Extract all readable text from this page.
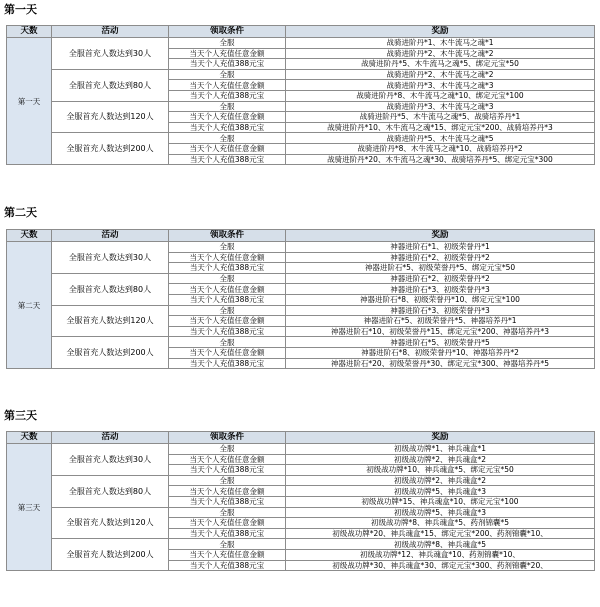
第一天
天数	活动	领取条件	奖励
第一天	全服首充人数达到30人	全服	战骑进阶丹*1、木牛流马之魂*1
		当天个人充值任意金额	战骑进阶丹*2、木牛流马之魂*2
		当天个人充值388元宝	战骑进阶丹*5、木牛流马之魂*5、绑定元宝*50
	全服首充人数达到80人	全服	战骑进阶丹*2、木牛流马之魂*2
		当天个人充值任意金额	战骑进阶丹*3、木牛流马之魂*3
		当天个人充值388元宝	战骑进阶丹*8、木牛流马之魂*10、绑定元宝*100
	全服首充人数达到120人	全服	战骑进阶丹*3、木牛流马之魂*3
		当天个人充值任意金额	战骑进阶丹*5、木牛流马之魂*5、战骑培养丹*1
		当天个人充值388元宝	战骑进阶丹*10、木牛流马之魂*15、绑定元宝*200、战骑培养丹*3
	全服首充人数达到200人	全服	战骑进阶丹*5、木牛流马之魂*5
		当天个人充值任意金额	战骑进阶丹*8、木牛流马之魂*10、战骑培养丹*2
		当天个人充值388元宝	战骑进阶丹*20、木牛流马之魂*30、战骑培养丹*5、绑定元宝*300
第二天
天数	活动	领取条件	奖励
第二天	全服首充人数达到30人	全服	神器进阶石*1、初级荣誉丹*1
		当天个人充值任意金额	神器进阶石*2、初级荣誉丹*2
		当天个人充值388元宝	神器进阶石*5、初级荣誉丹*5、绑定元宝*50
	全服首充人数达到80人	全服	神器进阶石*2、初级荣誉丹*2
		当天个人充值任意金额	神器进阶石*3、初级荣誉丹*3
		当天个人充值388元宝	神器进阶石*8、初级荣誉丹*10、绑定元宝*100
	全服首充人数达到120人	全服	神器进阶石*3、初级荣誉丹*3
		当天个人充值任意金额	神器进阶石*5、初级荣誉丹*5、神器培养丹*1
		当天个人充值388元宝	神器进阶石*10、初级荣誉丹*15、绑定元宝*200、神器培养丹*3
	全服首充人数达到200人	全服	神器进阶石*5、初级荣誉丹*5
		当天个人充值任意金额	神器进阶石*8、初级荣誉丹*10、神器培养丹*2
		当天个人充值388元宝	神器进阶石*20、初级荣誉丹*30、绑定元宝*300、神器培养丹*5
第三天
天数	活动	领取条件	奖励
第三天	全服首充人数达到30人	全服	初级战功牌*1、神兵魂盒*1
		当天个人充值任意金额	初级战功牌*2、神兵魂盒*2
		当天个人充值388元宝	初级战功牌*10、神兵魂盒*5、绑定元宝*50
	全服首充人数达到80人	全服	初级战功牌*2、神兵魂盒*2
		当天个人充值任意金额	初级战功牌*5、神兵魂盒*3
		当天个人充值388元宝	初级战功牌*15、神兵魂盒*10、绑定元宝*100
	全服首充人数达到120人	全服	初级战功牌*5、神兵魂盒*3
		当天个人充值任意金额	初级战功牌*8、神兵魂盒*5、药剂锦囊*5
		当天个人充值388元宝	初级战功牌*20、神兵魂盒*15、绑定元宝*200、药剂锦囊*10、
	全服首充人数达到200人	全服	初级战功牌*8、神兵魂盒*5
		当天个人充值任意金额	初级战功牌*12、神兵魂盒*10、药剂锦囊*10、
		当天个人充值388元宝	初级战功牌*30、神兵魂盒*30、绑定元宝*300、药剂锦囊*20、
